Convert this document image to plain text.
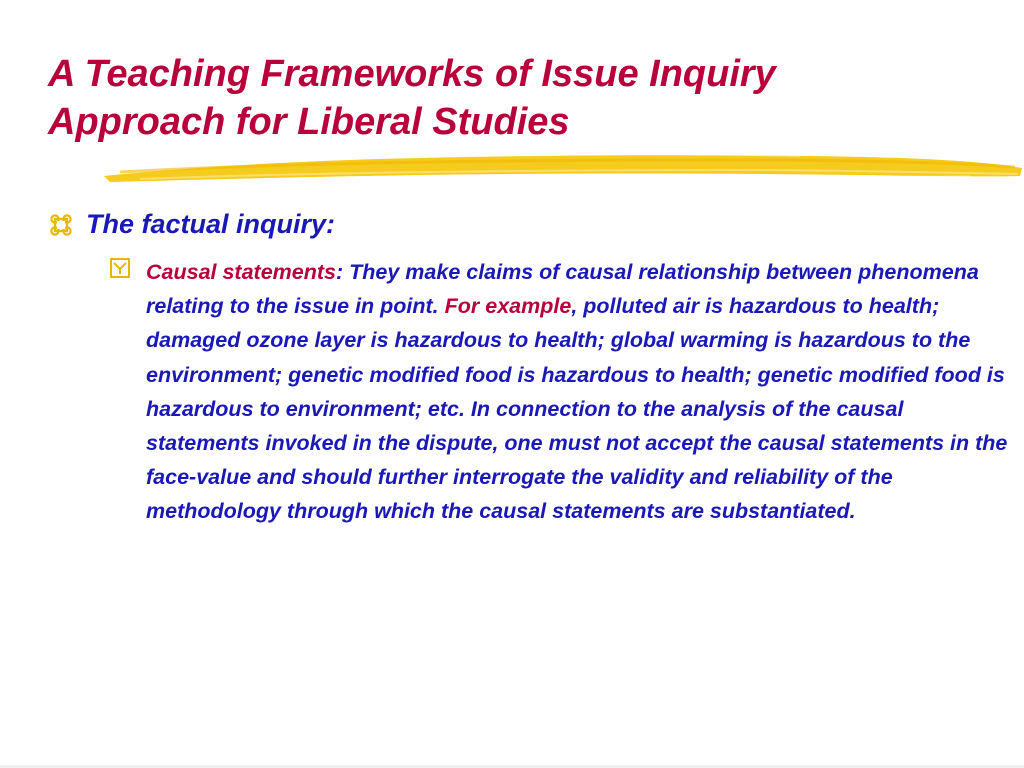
A Teaching Frameworks of Issue Inquiry
Approach for Liberal Studies

The factual inquiry:

Causal statements: They make claims of causal relationship between phenomena relating to the issue in point. For example, polluted air is hazardous to health; damaged ozone layer is hazardous to health; global warming is hazardous to the environment; genetic modified food is hazardous to health; genetic modified food is hazardous to environment; etc. In connection to the analysis of the causal statements invoked in the dispute, one must not accept the causal statements in the face-value and should further interrogate the validity and reliability of the methodology through which the causal statements are substantiated.
